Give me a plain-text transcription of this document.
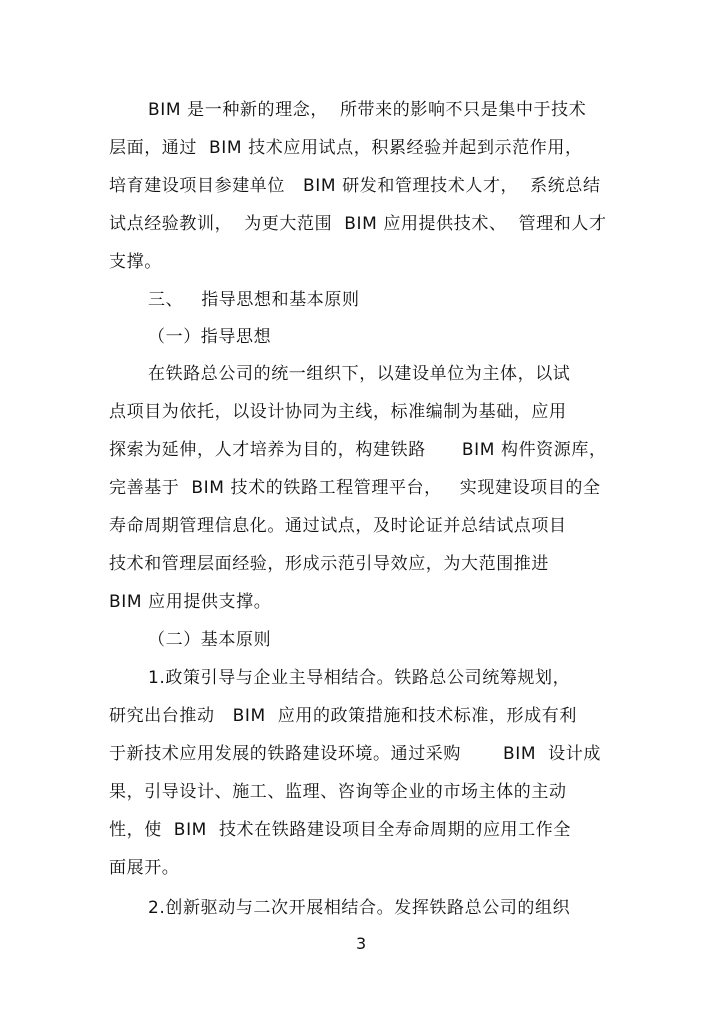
BIM 是一种新的理念，  所带来的影响不只是集中于技术
层面，通过  BIM 技术应用试点，积累经验并起到示范作用，
培育建设项目参建单位   BIM 研发和管理技术人才，  系统总结
试点经验教训，  为更大范围  BIM 应用提供技术、  管理和人才
支撑。
三、   指导思想和基本原则
（一）指导思想
在铁路总公司的统一组织下，以建设单位为主体，以试
点项目为依托，以设计协同为主线，标准编制为基础，应用
探索为延伸，人才培养为目的，构建铁路      BIM 构件资源库，
完善基于  BIM 技术的铁路工程管理平台，   实现建设项目的全
寿命周期管理信息化。通过试点，及时论证并总结试点项目
技术和管理层面经验，形成示范引导效应，为大范围推进
BIM 应用提供支撑。
（二）基本原则
1.政策引导与企业主导相结合。铁路总公司统筹规划，
研究出台推动   BIM  应用的政策措施和技术标准，形成有利
于新技术应用发展的铁路建设环境。通过采购       BIM  设计成
果，引导设计、施工、监理、咨询等企业的市场主体的主动
性，使  BIM  技术在铁路建设项目全寿命周期的应用工作全
面展开。
2.创新驱动与二次开展相结合。发挥铁路总公司的组织
3
